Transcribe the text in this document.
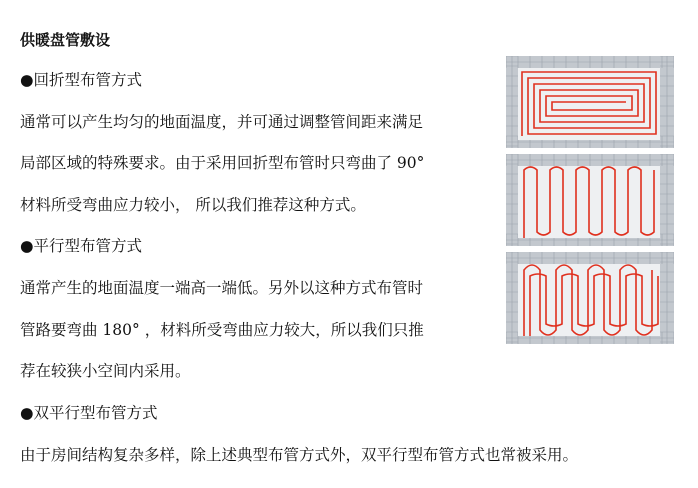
供暖盘管敷设
●回折型布管方式
通常可以产生均匀的地面温度，并可通过调整管间距来满足
局部区域的特殊要求。由于采用回折型布管时只弯曲了 90°
材料所受弯曲应力较小， 所以我们推荐这种方式。
●平行型布管方式
通常产生的地面温度一端高一端低。另外以这种方式布管时
管路要弯曲 180° ，材料所受弯曲应力较大，所以我们只推
荐在较狭小空间内采用。
●双平行型布管方式
由于房间结构复杂多样，除上述典型布管方式外，双平行型布管方式也常被采用。
